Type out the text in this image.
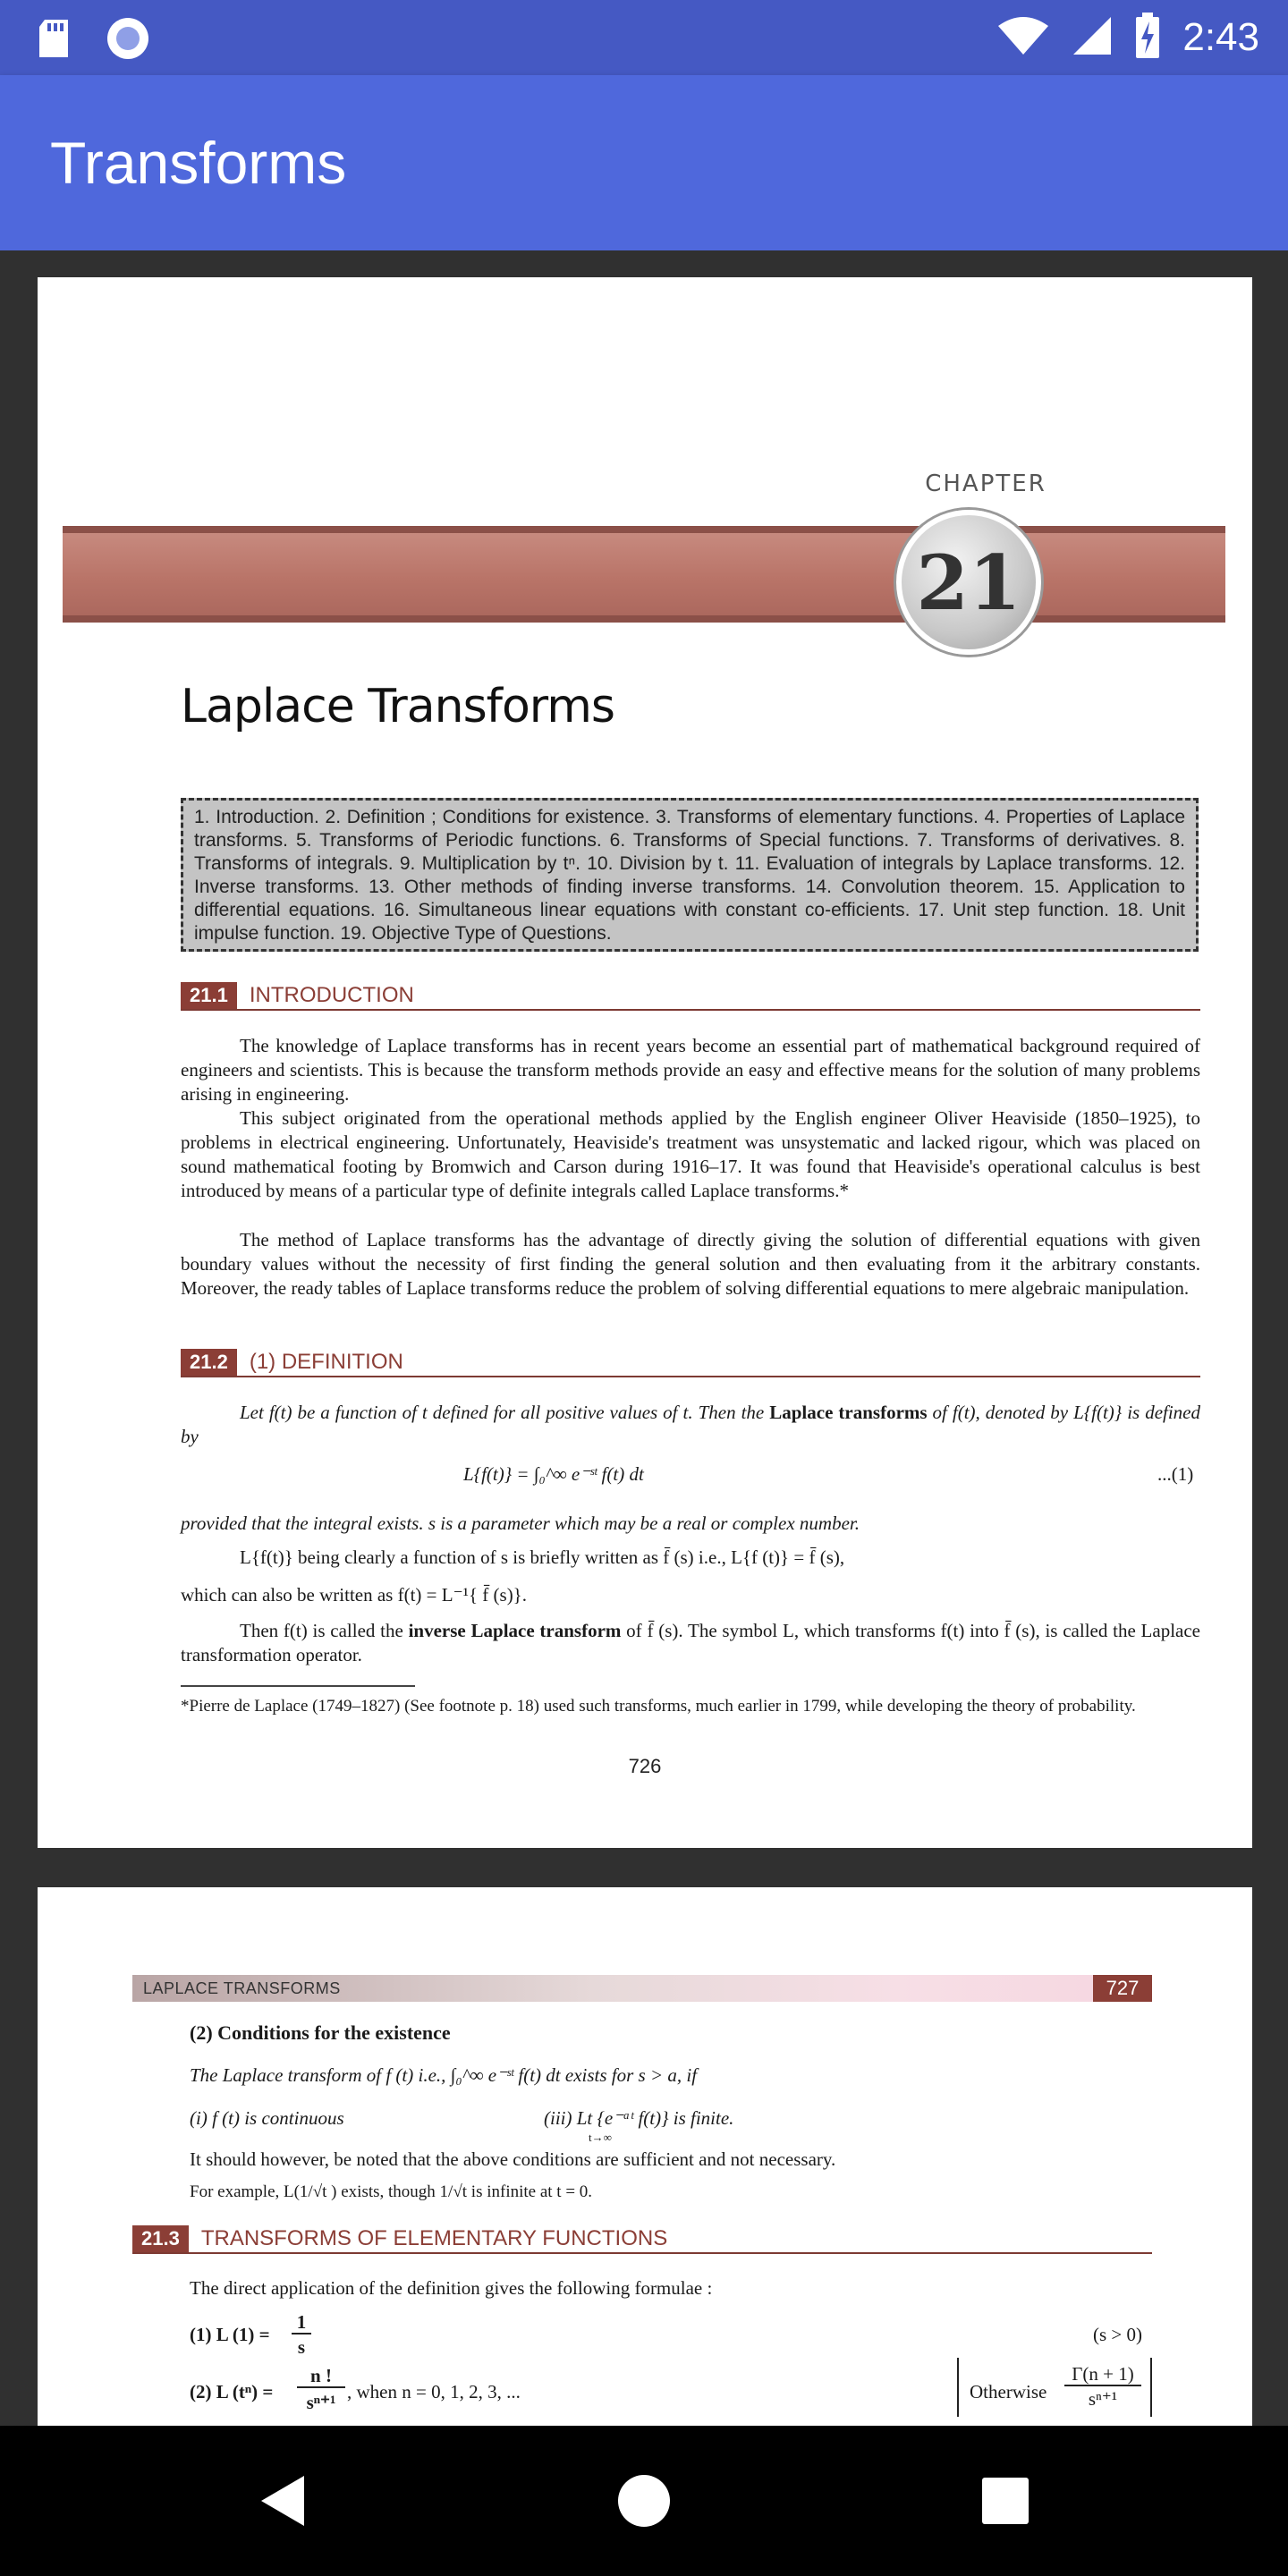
2:43
Transforms
CHAPTER
21
Laplace Transforms

1. Introduction. 2. Definition ; Conditions for existence. 3. Transforms of elementary functions. 4. Properties of Laplace transforms. 5. Transforms of Periodic functions. 6. Transforms of Special functions. 7. Transforms of derivatives. 8. Transforms of integrals. 9. Multiplication by tⁿ. 10. Division by t. 11. Evaluation of integrals by Laplace transforms. 12. Inverse transforms. 13. Other methods of finding inverse transforms. 14. Convolution theorem. 15. Application to differential equations. 16. Simultaneous linear equations with constant co-efficients. 17. Unit step function. 18. Unit impulse function. 19. Objective Type of Questions.

21.1	INTRODUCTION
The knowledge of Laplace transforms has in recent years become an essential part of mathematical background required of engineers and scientists. This is because the transform methods provide an easy and effective means for the solution of many problems arising in engineering.
This subject originated from the operational methods applied by the English engineer Oliver Heaviside (1850–1925), to problems in electrical engineering. Unfortunately, Heaviside's treatment was unsystematic and lacked rigour, which was placed on sound mathematical footing by Bromwich and Carson during 1916–17. It was found that Heaviside's operational calculus is best introduced by means of a particular type of definite integrals called Laplace transforms.*
The method of Laplace transforms has the advantage of directly giving the solution of differential equations with given boundary values without the necessity of first finding the general solution and then evaluating from it the arbitrary constants. Moreover, the ready tables of Laplace transforms reduce the problem of solving differential equations to mere algebraic manipulation.
21.2	(1) DEFINITION
Let f(t) be a function of t defined for all positive values of t. Then the Laplace transforms of f(t), denoted by L{f(t)} is defined by
L{f(t)} = ∫₀^∞ e⁻ˢᵗ f(t) dt	...(1)
provided that the integral exists. s is a parameter which may be a real or complex number.
L{f(t)} being clearly a function of s is briefly written as f̄ (s) i.e., L{f (t)} = f̄ (s),
which can also be written as f(t) = L⁻¹{ f̄ (s)}.
Then f(t) is called the inverse Laplace transform of f̄ (s). The symbol L, which transforms f(t) into f̄ (s), is called the Laplace transformation operator.
*Pierre de Laplace (1749–1827) (See footnote p. 18) used such transforms, much earlier in 1799, while developing the theory of probability.
726
LAPLACE TRANSFORMS	727
(2) Conditions for the existence
The Laplace transform of f (t) i.e., ∫₀^∞ e⁻ˢᵗ f(t) dt exists for s > a, if
(i) f (t) is continuous	(iii) Lt {e⁻ᵃᵗ f(t)} is finite.
t→∞
It should however, be noted that the above conditions are sufficient and not necessary.
For example, L(1/√t ) exists, though 1/√t is infinite at t = 0.
21.3	TRANSFORMS OF ELEMENTARY FUNCTIONS
The direct application of the definition gives the following formulae :
(1) L (1) =
1
s
(s > 0)
(2) L (tⁿ) =
n !
sⁿ⁺¹ , when n = 0, 1, 2, 3, ...	Otherwise
Γ(n + 1)
sⁿ⁺¹
